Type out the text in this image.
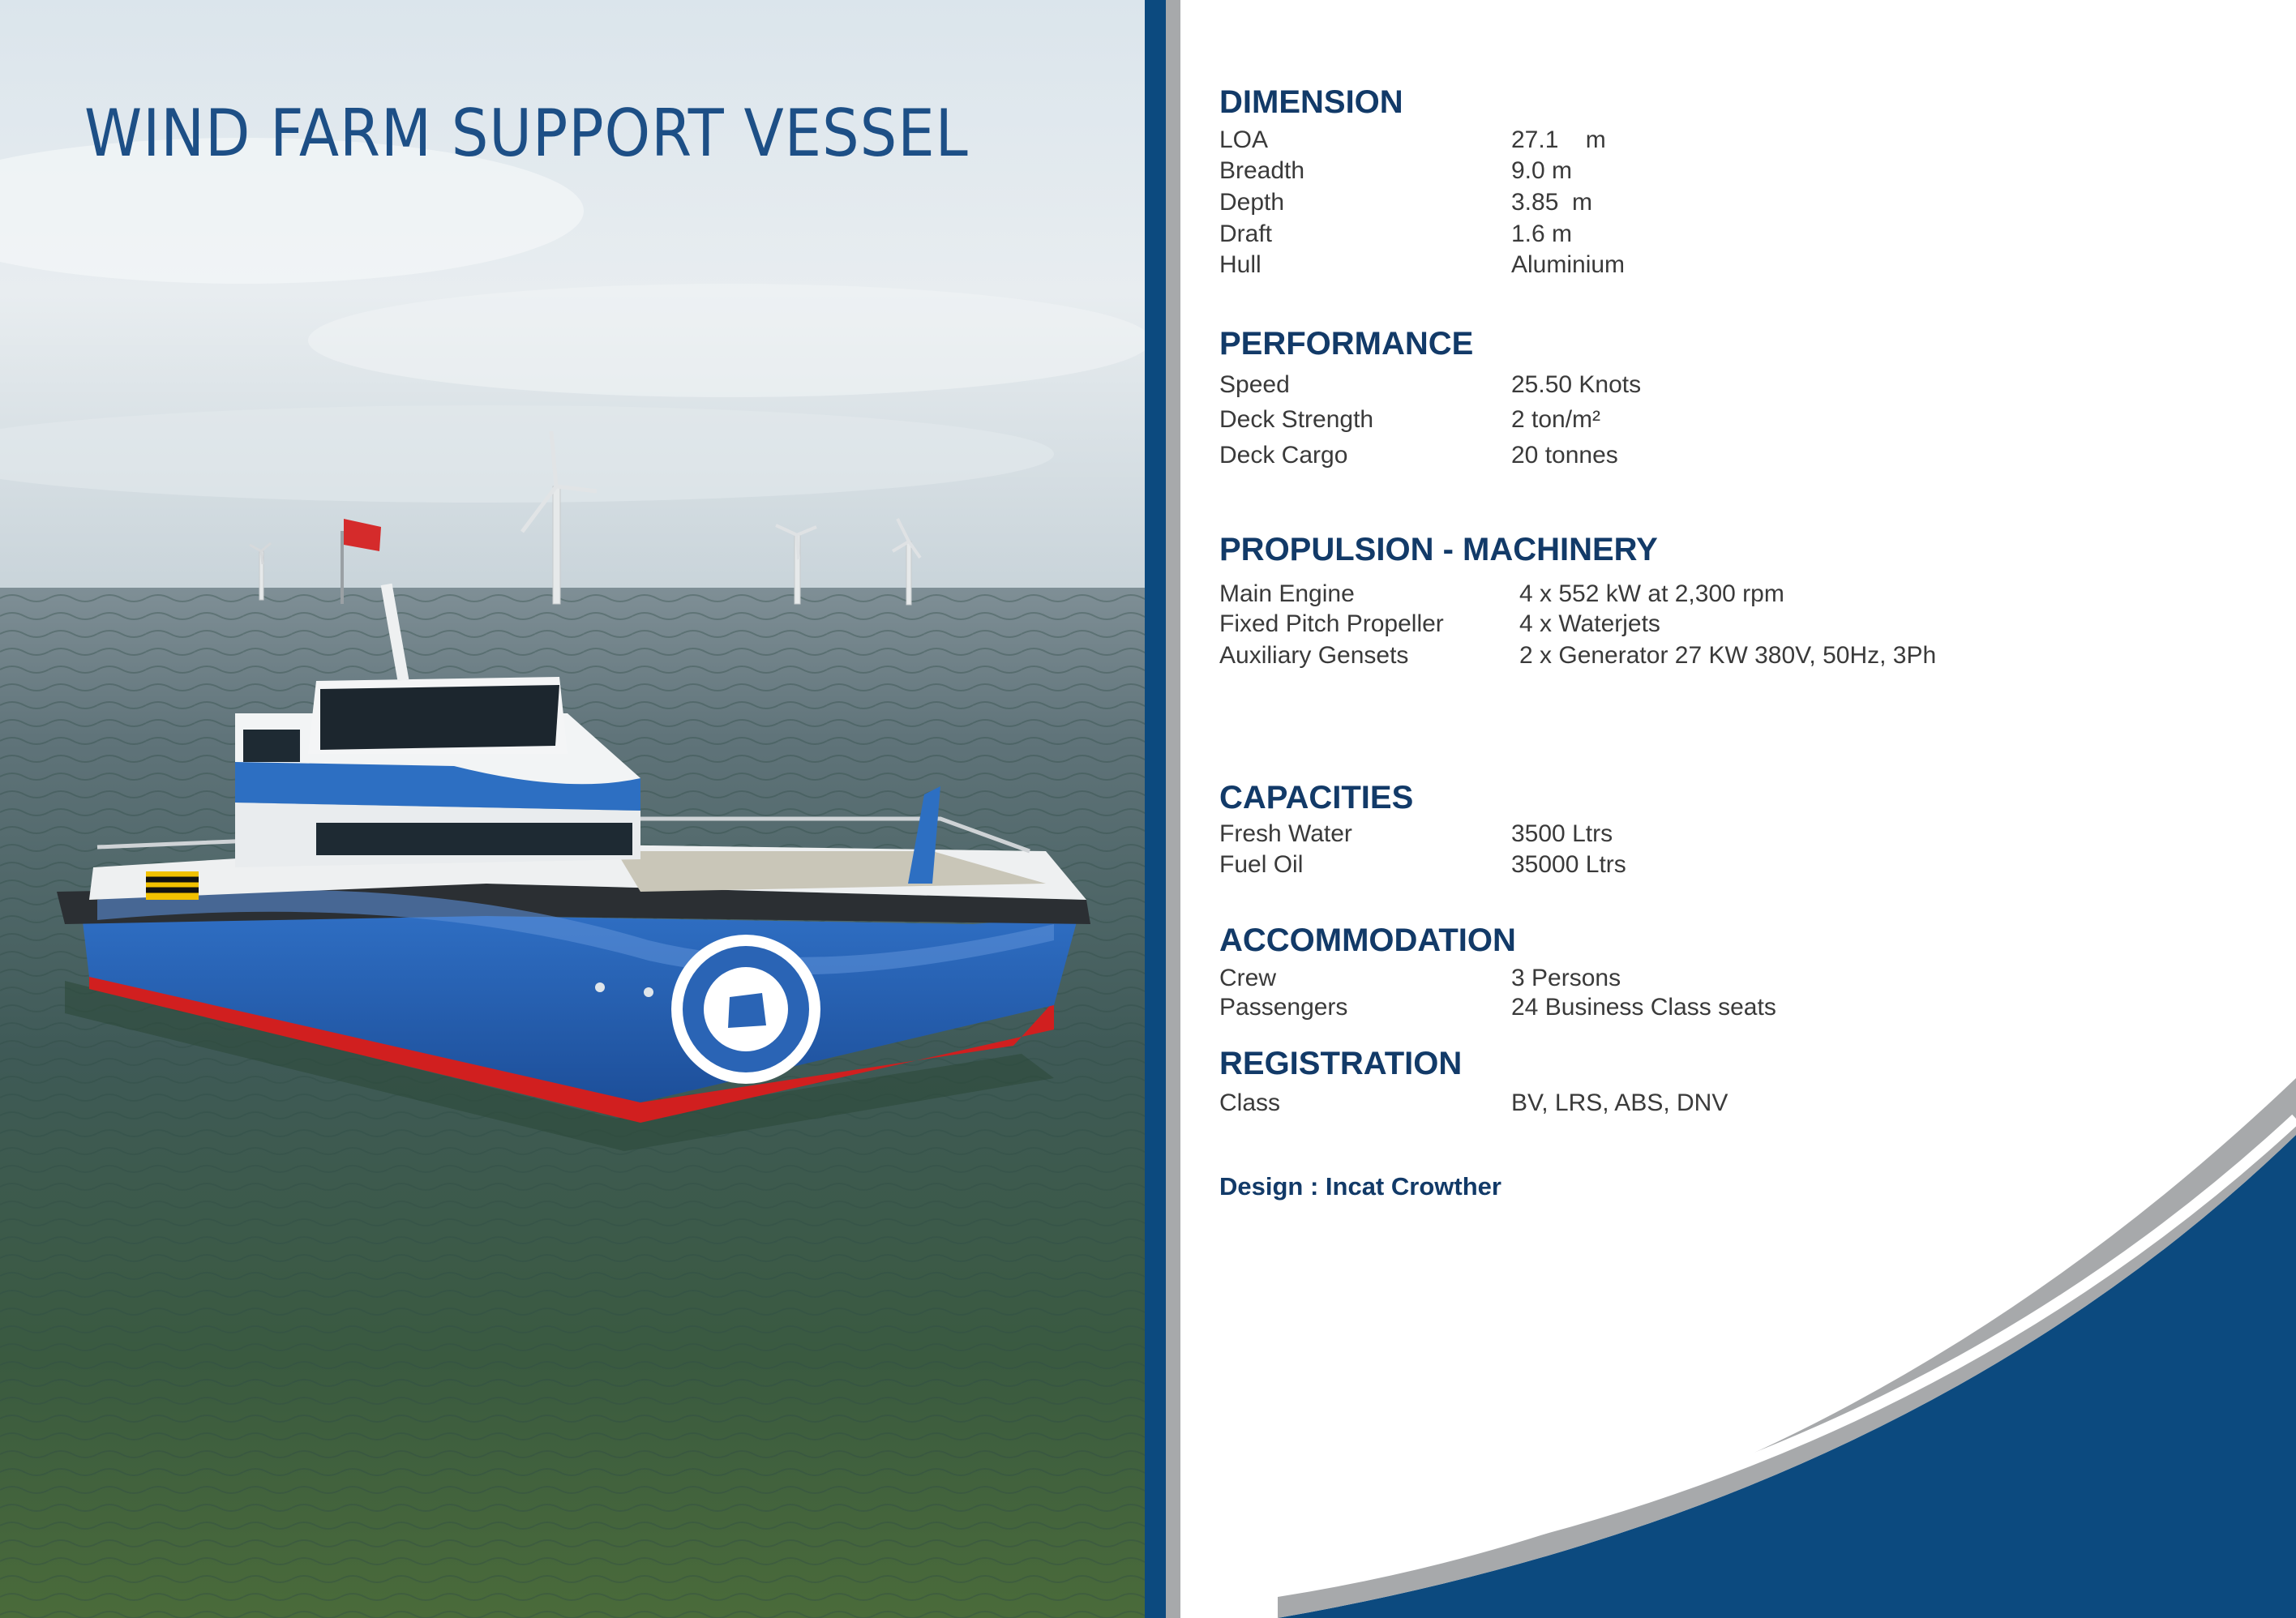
WIND FARM SUPPORT VESSEL	DIMENSION
LOA	27.1    m
Breadth	9.0 m
Depth	3.85  m
Draft	1.6 m
Hull	Aluminium
PERFORMANCE
Speed	25.50 Knots
Deck Strength	2 ton/m²
Deck Cargo	20 tonnes
PROPULSION - MACHINERY
Main Engine	4 x 552 kW at 2,300 rpm
Fixed Pitch Propeller	4 x Waterjets
Auxiliary Gensets	2 x Generator 27 KW 380V, 50Hz, 3Ph
CAPACITIES
Fresh Water	3500 Ltrs
Fuel Oil	35000 Ltrs
ACCOMMODATION
Crew	3 Persons
Passengers	24 Business Class seats
REGISTRATION
Class	BV, LRS, ABS, DNV
Design : Incat Crowther
